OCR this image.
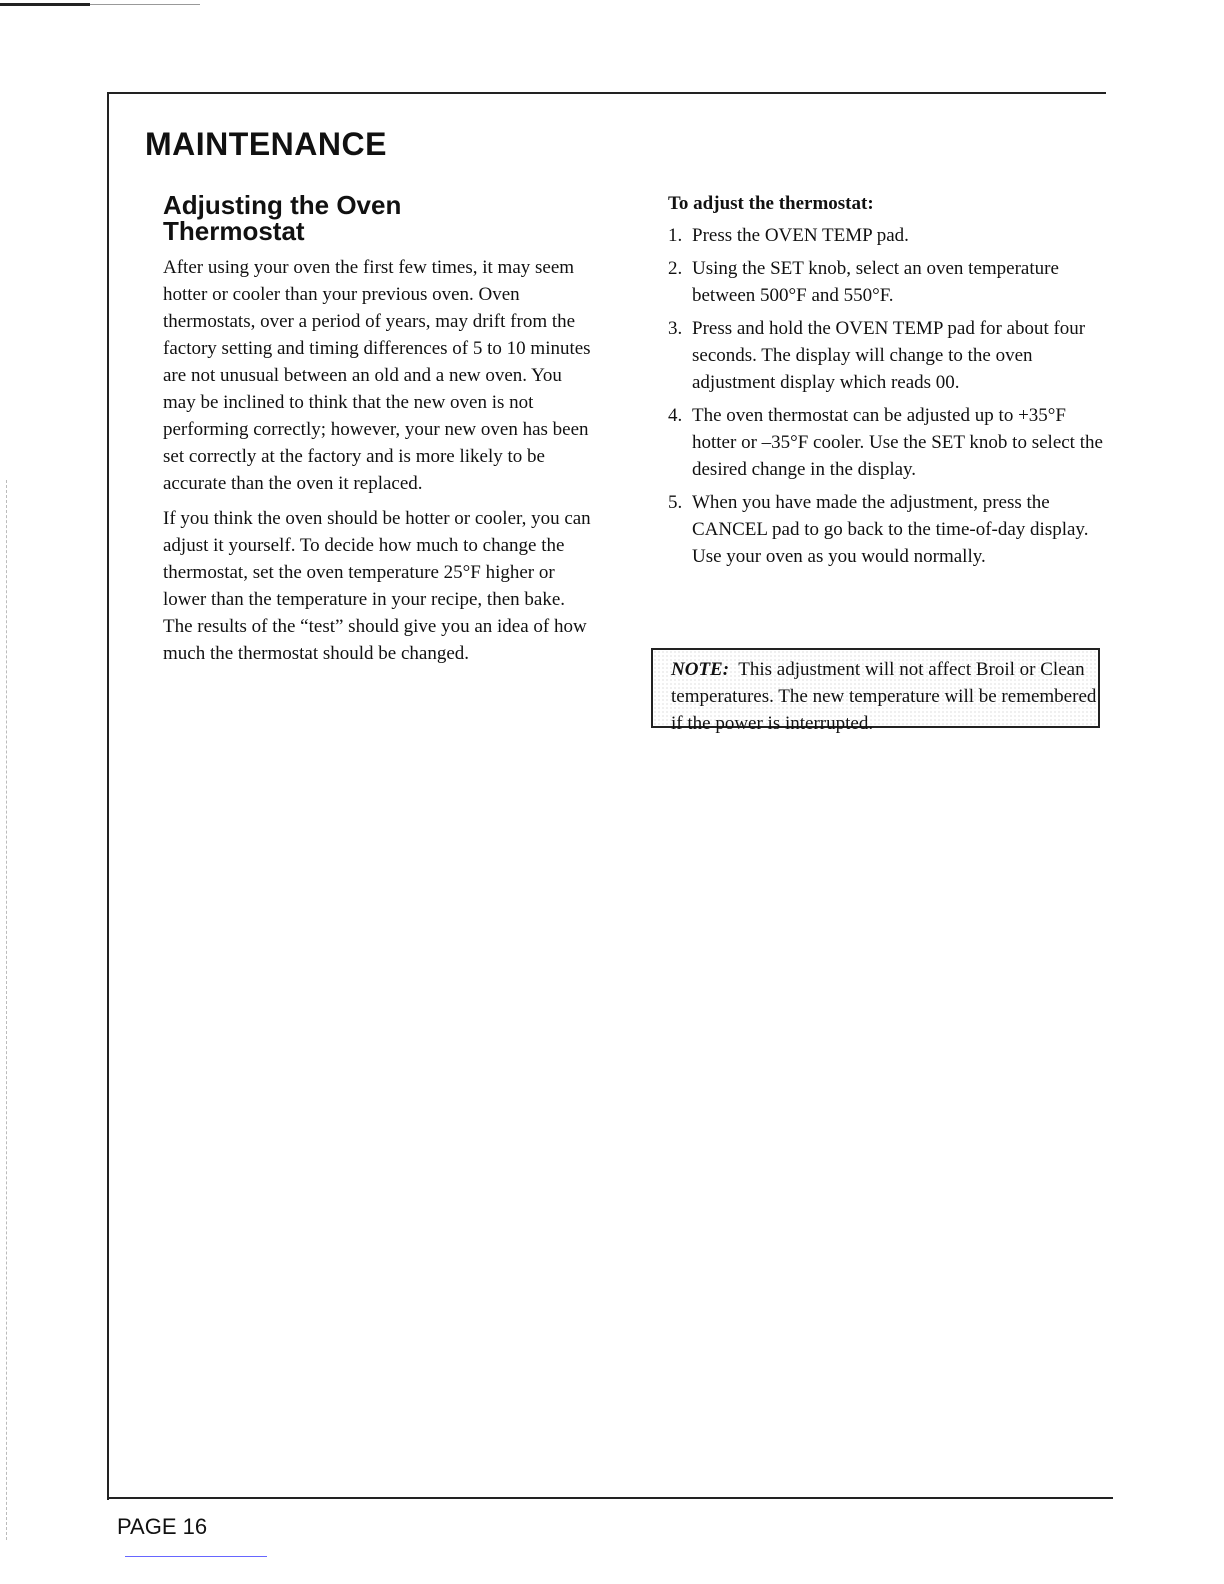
MAINTENANCE
Adjusting the Oven Thermostat

After using your oven the first few times, it may seem hotter or cooler than your previous oven. Oven thermostats, over a period of years, may drift from the factory setting and timing differences of 5 to 10 minutes are not unusual between an old and a new oven. You may be inclined to think that the new oven is not performing correctly; however, your new oven has been set correctly at the factory and is more likely to be accurate than the oven it replaced.

If you think the oven should be hotter or cooler, you can adjust it yourself. To decide how much to change the thermostat, set the oven temperature 25°F higher or lower than the temperature in your recipe, then bake. The results of the “test” should give you an idea of how much the thermostat should be changed.

To adjust the thermostat:
1. Press the OVEN TEMP pad.
2. Using the SET knob, select an oven temperature between 500°F and 550°F.
3. Press and hold the OVEN TEMP pad for about four seconds. The display will change to the oven adjustment display which reads 00.
4. The oven thermostat can be adjusted up to +35°F hotter or –35°F cooler. Use the SET knob to select the desired change in the display.
5. When you have made the adjustment, press the CANCEL pad to go back to the time-of-day display. Use your oven as you would normally.
NOTE: This adjustment will not affect Broil or Clean temperatures. The new temperature will be remembered if the power is interrupted.
PAGE 16
